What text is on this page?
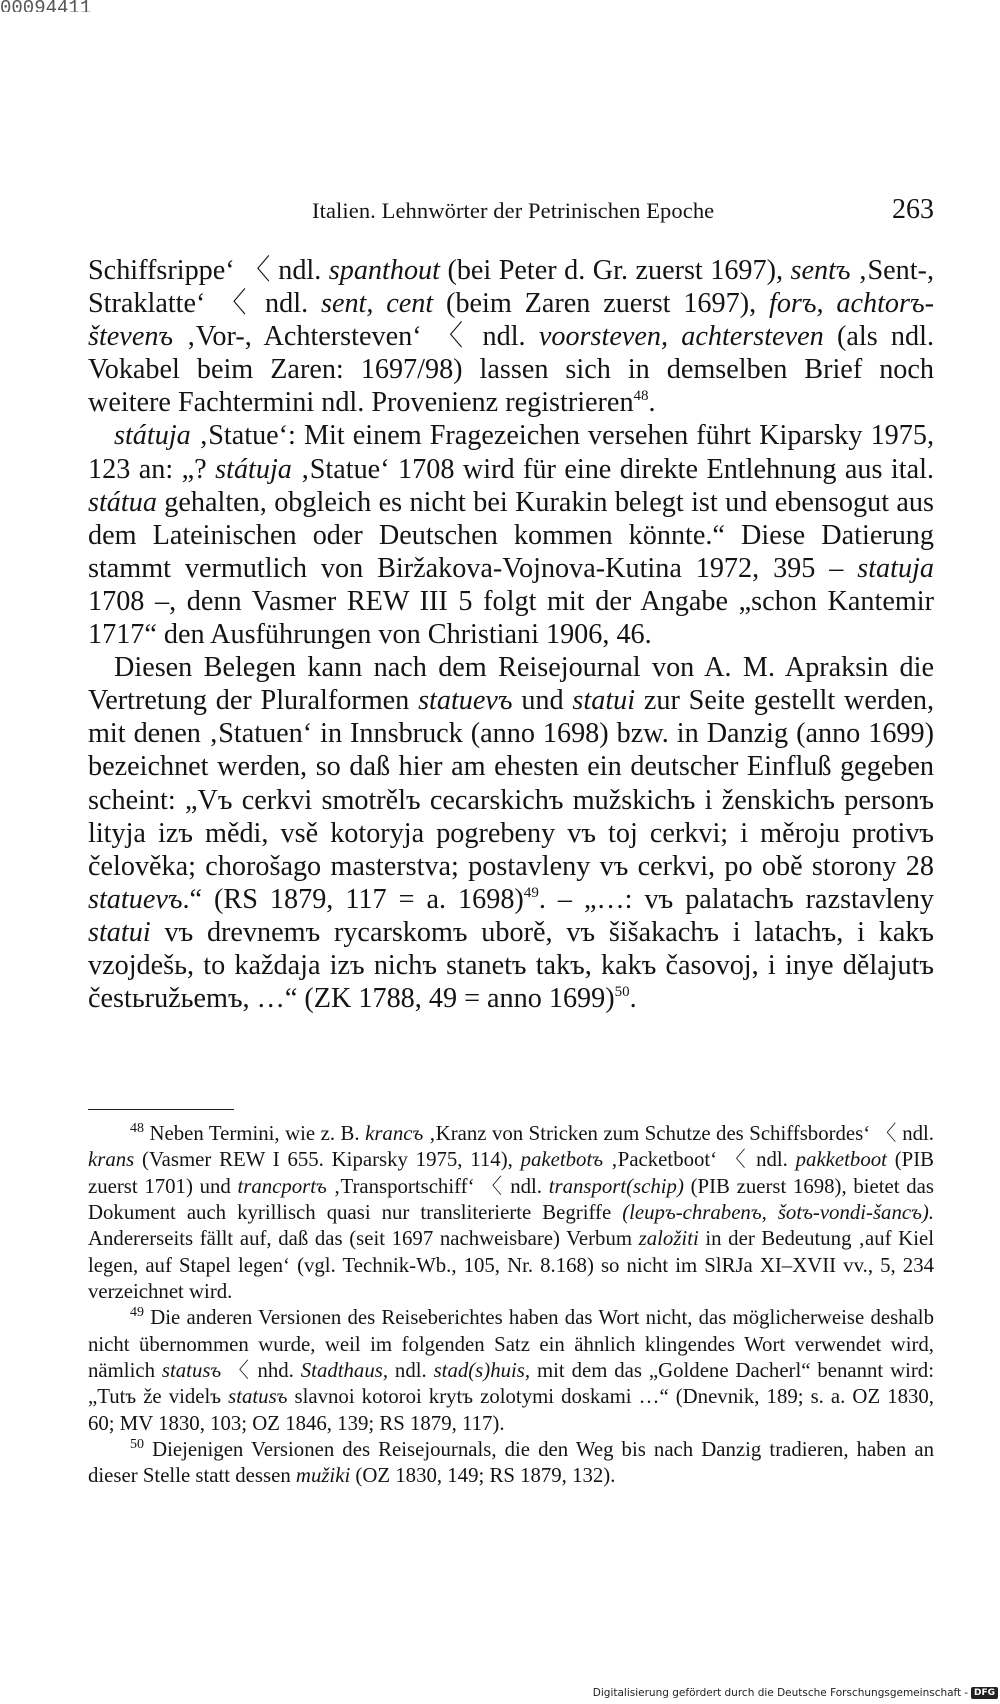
00094411
Italien. Lehnwörter der Petrinischen Epoche	263

Schiffsrippe‘ 〈 ndl. spanthout (bei Peter d. Gr. zuerst 1697), sentъ ‚Sent-, Straklatte‘ 〈 ndl. sent, cent (beim Zaren zuerst 1697), forъ, achtorъ-števenъ ‚Vor-, Achtersteven‘ 〈 ndl. voorsteven, achtersteven (als ndl. Vokabel beim Zaren: 1697/98) lassen sich in demselben Brief noch weitere Fachtermini ndl. Provenienz registrieren$^{48}$.

státuja ‚Statue‘: Mit einem Fragezeichen versehen führt Kiparsky 1975, 123 an: „? státuja ‚Statue‘ 1708 wird für eine direkte Entlehnung aus ital. státua gehalten, obgleich es nicht bei Kurakin belegt ist und ebensogut aus dem Lateinischen oder Deutschen kommen könnte.“ Diese Datierung stammt vermutlich von Biržakova-Vojnova-Kutina 1972, 395 – statuja 1708 –, denn Vasmer REW III 5 folgt mit der Angabe „schon Kantemir 1717“ den Ausführungen von Christiani 1906, 46.

Diesen Belegen kann nach dem Reisejournal von A. M. Apraksin die Vertretung der Pluralformen statuevъ und statui zur Seite gestellt werden, mit denen ‚Statuen‘ in Innsbruck (anno 1698) bzw. in Danzig (anno 1699) bezeichnet werden, so daß hier am ehesten ein deutscher Einfluß gegeben scheint: „Vъ cerkvi smotrělъ cecarskichъ mužskichъ i ženskichъ personъ lityja izъ mědi, vsě kotoryja pogrebeny vъ toj cerkvi; i měroju protivъ čelověka; chorošago masterstva; postavleny vъ cerkvi, po obě storony 28 statuevъ.“ (RS 1879, 117 = a. 1698)$^{49}$. – „…: vъ palatachъ razstavleny statui vъ drevnemъ rycarskomъ uborě, vъ šišakachъ i latachъ, i kakъ vzojdešь, to každaja izъ nichъ stanetъ takъ, kakъ časovoj, i inye dělajutъ čestьružьemъ, …“ (ZK 1788, 49 = anno 1699)$^{50}$.

$^{48}$ Neben Termini, wie z. B. krancъ ‚Kranz von Stricken zum Schutze des Schiffsbordes‘ 〈 ndl. krans (Vasmer REW I 655. Kiparsky 1975, 114), paketbotъ ‚Packetboot‘ 〈 ndl. pakketboot (PIB zuerst 1701) und trancportъ ‚Transportschiff‘ 〈 ndl. transport(schip) (PIB zuerst 1698), bietet das Dokument auch kyrillisch quasi nur transliterierte Begriffe (leupъ-chrabenъ, šotъ-vondi-šancъ). Andererseits fällt auf, daß das (seit 1697 nachweisbare) Verbum založiti in der Bedeutung ‚auf Kiel legen, auf Stapel legen‘ (vgl. Technik-Wb., 105, Nr. 8.168) so nicht im SlRJa XI–XVII vv., 5, 234 verzeichnet wird.

$^{49}$ Die anderen Versionen des Reiseberichtes haben das Wort nicht, das möglicherweise deshalb nicht übernommen wurde, weil im folgenden Satz ein ähnlich klingendes Wort verwendet wird, nämlich statusъ 〈 nhd. Stadthaus, ndl. stad(s)huis, mit dem das „Goldene Dacherl“ benannt wird: „Tutъ že videlъ statusъ slavnoi kotoroi krytъ zolotymi doskami …“ (Dnevnik, 189; s. a. OZ 1830, 60; MV 1830, 103; OZ 1846, 139; RS 1879, 117).

$^{50}$ Diejenigen Versionen des Reisejournals, die den Weg bis nach Danzig tradieren, haben an dieser Stelle statt dessen mužiki (OZ 1830, 149; RS 1879, 132).

Digitalisierung gefördert durch die Deutsche Forschungsgemeinschaft - DFG
